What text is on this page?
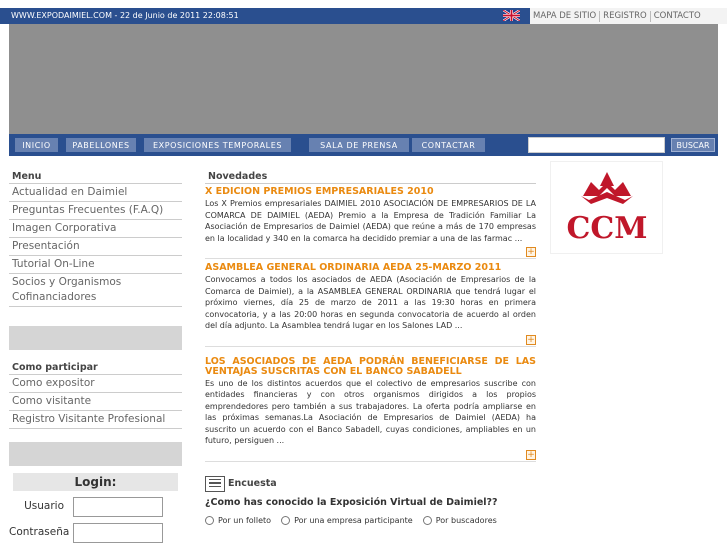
WWW.EXPODAIMIEL.COM - 22 de Junio de 2011 22:08:51	MAPA DE SITIO REGISTRO CONTACTO
INICIO	PABELLONES	EXPOSICIONES TEMPORALES	SALA DE PRENSA	CONTACTAR	BUSCAR
Menu
Actualidad en Daimiel
Preguntas Frecuentes (F.A.Q)
Imagen Corporativa
Presentación
Tutorial On-Line
Socios y Organismos Cofinanciadores
Como participar
Como expositor
Como visitante
Registro Visitante Profesional
Login:
Usuario
Contraseña
Novedades
X EDICION PREMIOS EMPRESARIALES 2010
Los X Premios empresariales DAIMIEL 2010 ASOCIACIÓN DE EMPRESARIOS DE LA COMARCA DE DAIMIEL (AEDA) Premio a la Empresa de Tradición Familiar La Asociación de Empresarios de Daimiel (AEDA) que reúne a más de 170 empresas en la localidad y 340 en la comarca ha decidido premiar a una de las farmac ...
+
ASAMBLEA GENERAL ORDINARIA AEDA 25-MARZO 2011
Convocamos a todos los asociados de AEDA (Asociación de Empresarios de la Comarca de Daimiel), a la ASAMBLEA GENERAL ORDINARIA que tendrá lugar el próximo viernes, día 25 de marzo de 2011 a las 19:30 horas en primera convocatoria, y a las 20:00 horas en segunda convocatoria de acuerdo al orden del día adjunto. La Asamblea tendrá lugar en los Salones LAD ...
+
LOS ASOCIADOS DE AEDA PODRÁN BENEFICIARSE DE LAS VENTAJAS SUSCRITAS CON EL BANCO SABADELL
Es uno de los distintos acuerdos que el colectivo de empresarios suscribe con entidades financieras y con otros organismos dirigidos a los propios emprendedores pero también a sus trabajadores. La oferta podría ampliarse en las próximas semanas.La Asociación de Empresarios de Daimiel (AEDA) ha suscrito un acuerdo con el Banco Sabadell, cuyas condiciones, ampliables en un futuro, persiguen ...
+
Encuesta
¿Como has conocido la Exposición Virtual de Daimiel??
Por un folleto	Por una empresa participante	Por buscadores
CCM
